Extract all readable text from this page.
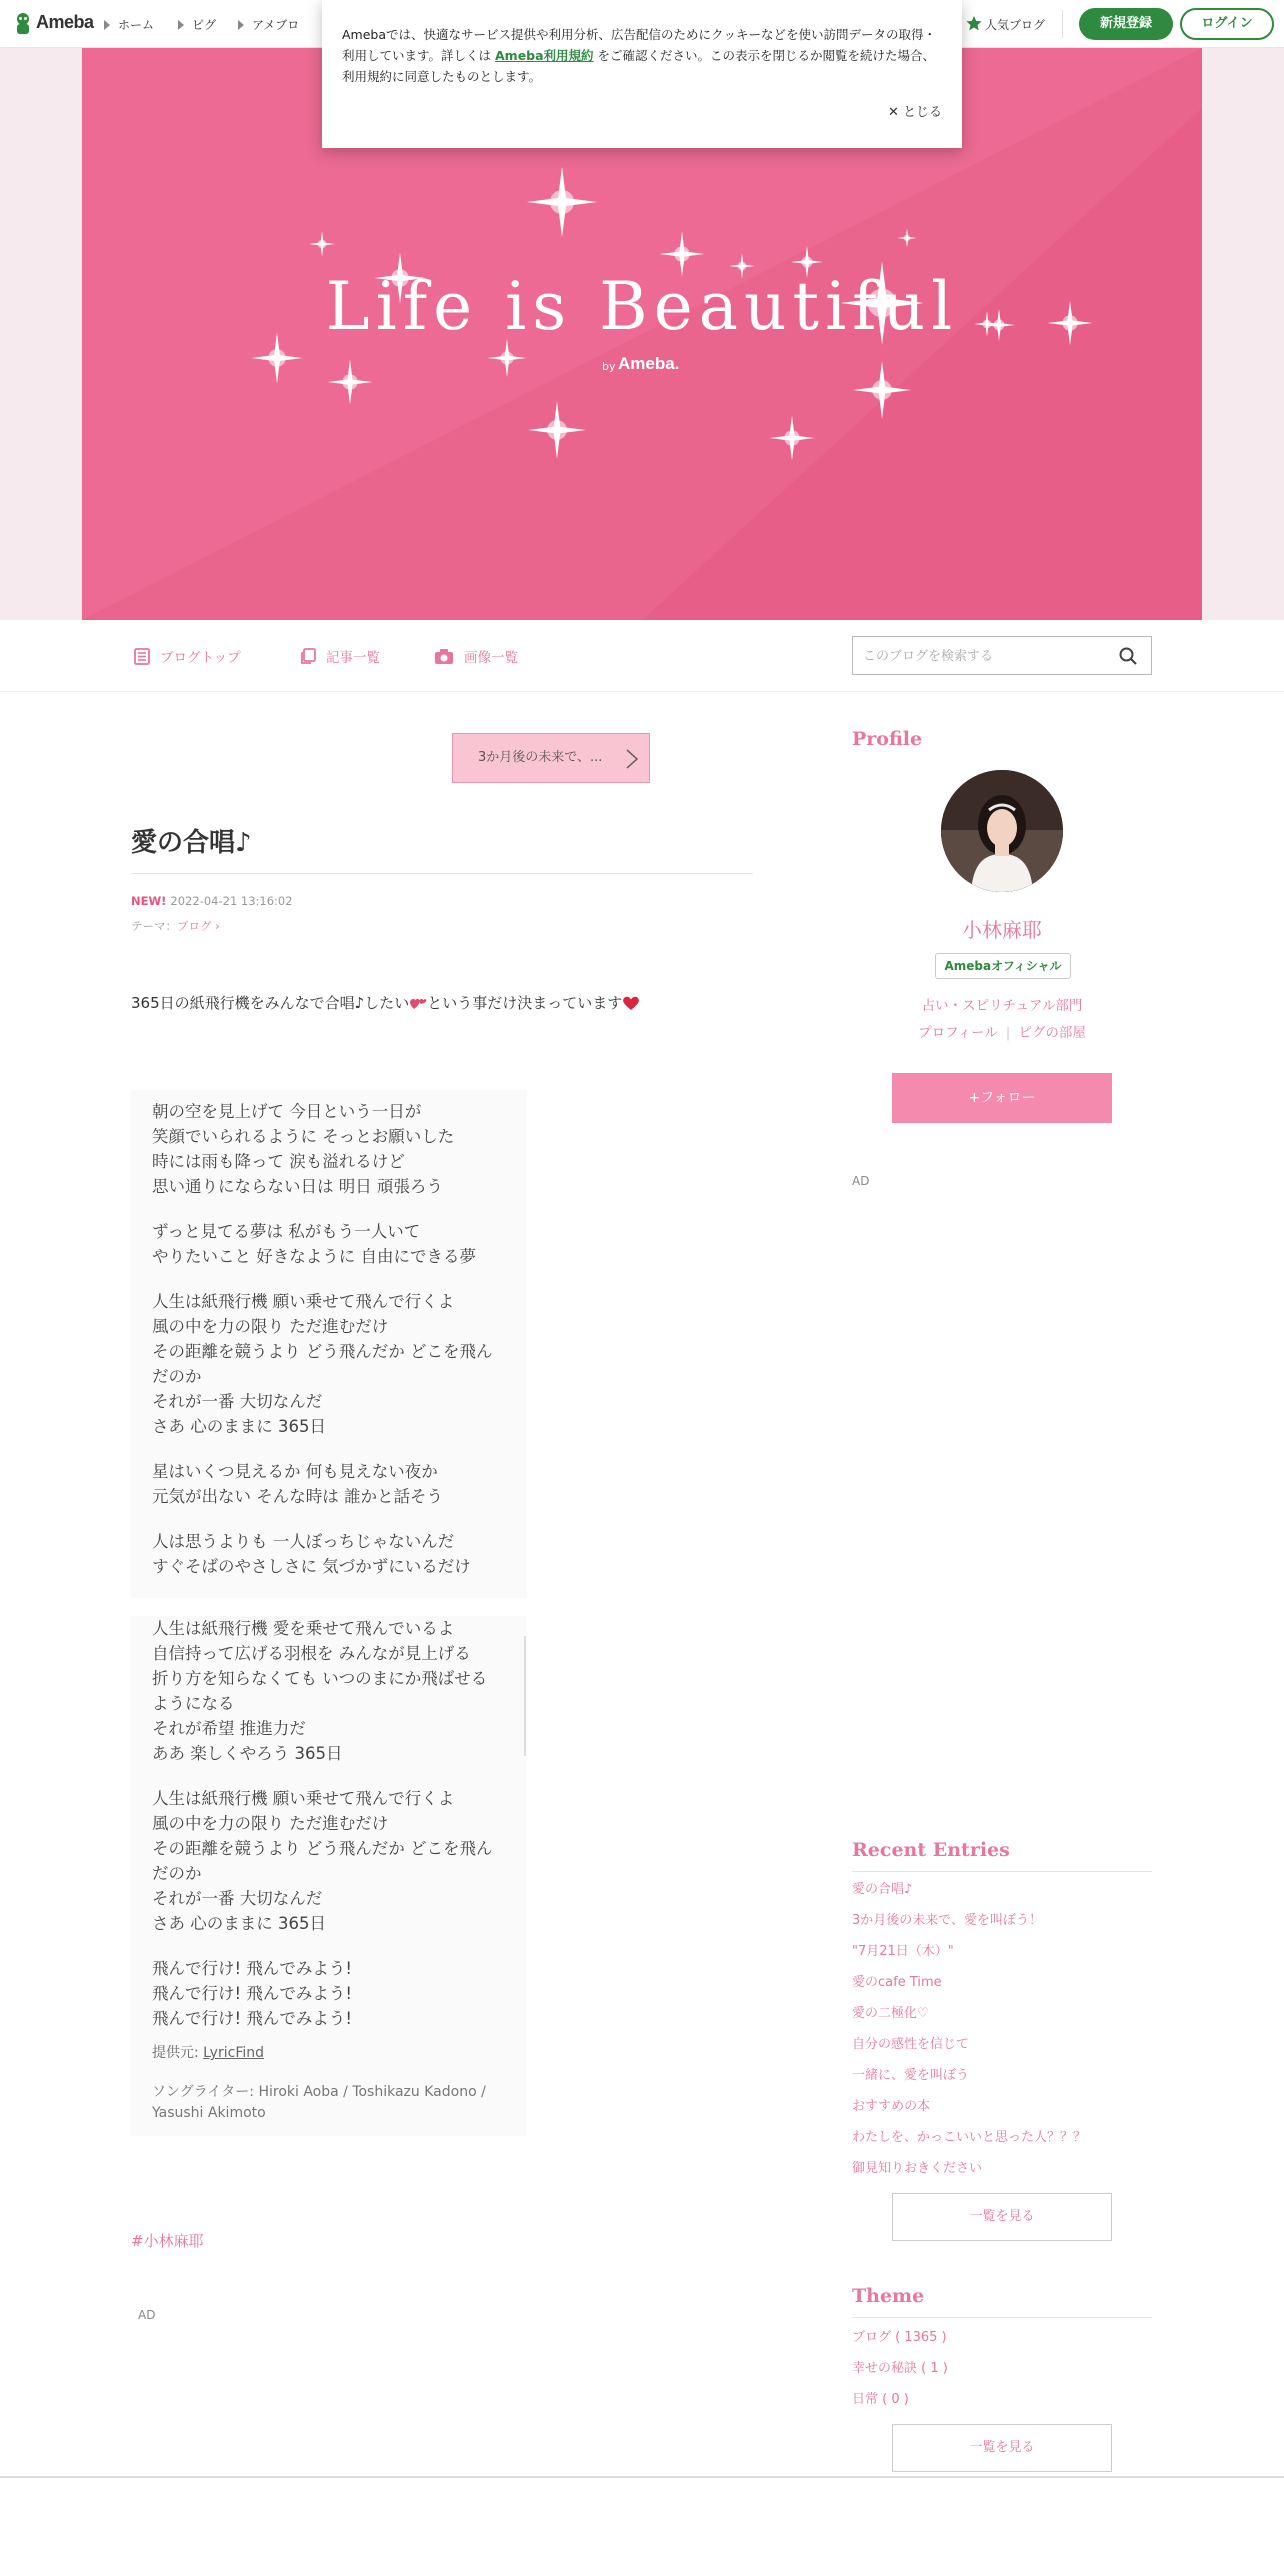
Ameba	ホーム	ピグ	アメブロ	人気ブログ	新規登録	ログイン
Life is Beautiful
by Ameba.
Amebaでは、快適なサービス提供や利用分析、広告配信のためにクッキーなどを使い訪問データの取得・利用しています。詳しくは Ameba利用規約 をご確認ください。この表示を閉じるか閲覧を続けた場合、利用規約に同意したものとします。
✕ とじる
ブログトップ	記事一覧	画像一覧
このブログを検索する
3か月後の未来で、...
愛の合唱♪
NEW! 2022-04-21 13:16:02
テーマ：ブログ ›
365日の紙飛行機をみんなで合唱♪したい という事だけ決まっています

朝の空を見上げて 今日という一日が
笑顔でいられるように そっとお願いした
時には雨も降って 涙も溢れるけど
思い通りにならない日は 明日 頑張ろう

ずっと見てる夢は 私がもう一人いて
やりたいこと 好きなように 自由にできる夢

人生は紙飛行機 願い乗せて飛んで行くよ
風の中を力の限り ただ進むだけ
その距離を競うより どう飛んだか どこを飛ん
だのか
それが一番 大切なんだ
さあ 心のままに 365日

星はいくつ見えるか 何も見えない夜か
元気が出ない そんな時は 誰かと話そう

人は思うよりも 一人ぼっちじゃないんだ
すぐそばのやさしさに 気づかずにいるだけ

人生は紙飛行機 愛を乗せて飛んでいるよ
自信持って広げる羽根を みんなが見上げる
折り方を知らなくても いつのまにか飛ばせる
ようになる
それが希望 推進力だ
ああ 楽しくやろう 365日

人生は紙飛行機 願い乗せて飛んで行くよ
風の中を力の限り ただ進むだけ
その距離を競うより どう飛んだか どこを飛ん
だのか
それが一番 大切なんだ
さあ 心のままに 365日

飛んで行け! 飛んでみよう!
飛んで行け! 飛んでみよう!
飛んで行け! 飛んでみよう!

提供元: LyricFind
ソングライター: Hiroki Aoba / Toshikazu Kadono / Yasushi Akimoto
#小林麻耶
AD
Profile
小林麻耶
Amebaオフィシャル
占い・スピリチュアル部門
プロフィール | ピグの部屋
+フォロー
AD
Recent Entries
愛の合唱♪
3か月後の未来で、愛を叫ぼう！
"7月21日（木）"
愛のcafe Time
愛の二極化♡
自分の感性を信じて
一緒に、愛を叫ぼう
おすすめの本
わたしを、かっこいいと思った人？？？
御見知りおきください
一覧を見る
Theme
ブログ ( 1365 )
幸せの秘訣 ( 1 )
日常 ( 0 )
一覧を見る
